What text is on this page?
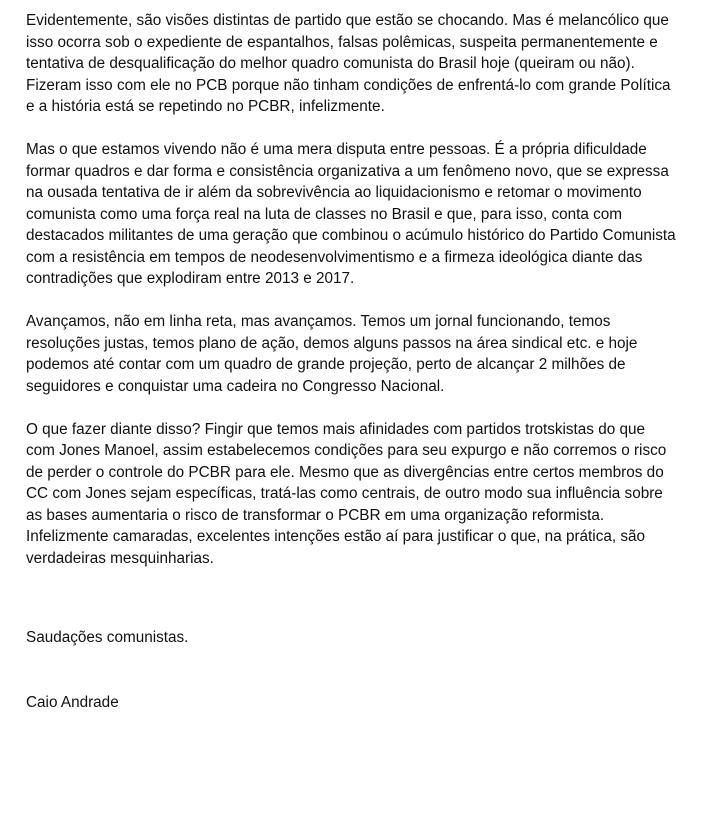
Evidentemente, são visões distintas de partido que estão se chocando. Mas é melancólico que
isso ocorra sob o expediente de espantalhos, falsas polêmicas, suspeita permanentemente e
tentativa de desqualificação do melhor quadro comunista do Brasil hoje (queiram ou não).
Fizeram isso com ele no PCB porque não tinham condições de enfrentá-lo com grande Política
e a história está se repetindo no PCBR, infelizmente.

Mas o que estamos vivendo não é uma mera disputa entre pessoas. É a própria dificuldade
formar quadros e dar forma e consistência organizativa a um fenômeno novo, que se expressa
na ousada tentativa de ir além da sobrevivência ao liquidacionismo e retomar o movimento
comunista como uma força real na luta de classes no Brasil e que, para isso, conta com
destacados militantes de uma geração que combinou o acúmulo histórico do Partido Comunista
com a resistência em tempos de neodesenvolvimentismo e a firmeza ideológica diante das
contradições que explodiram entre 2013 e 2017.

Avançamos, não em linha reta, mas avançamos. Temos um jornal funcionando, temos
resoluções justas, temos plano de ação, demos alguns passos na área sindical etc. e hoje
podemos até contar com um quadro de grande projeção, perto de alcançar 2 milhões de
seguidores e conquistar uma cadeira no Congresso Nacional.

O que fazer diante disso? Fingir que temos mais afinidades com partidos trotskistas do que
com Jones Manoel, assim estabelecemos condições para seu expurgo e não corremos o risco
de perder o controle do PCBR para ele. Mesmo que as divergências entre certos membros do
CC com Jones sejam específicas, tratá-las como centrais, de outro modo sua influência sobre
as bases aumentaria o risco de transformar o PCBR em uma organização reformista.
Infelizmente camaradas, excelentes intenções estão aí para justificar o que, na prática, são
verdadeiras mesquinharias.

Saudações comunistas.

Caio Andrade
